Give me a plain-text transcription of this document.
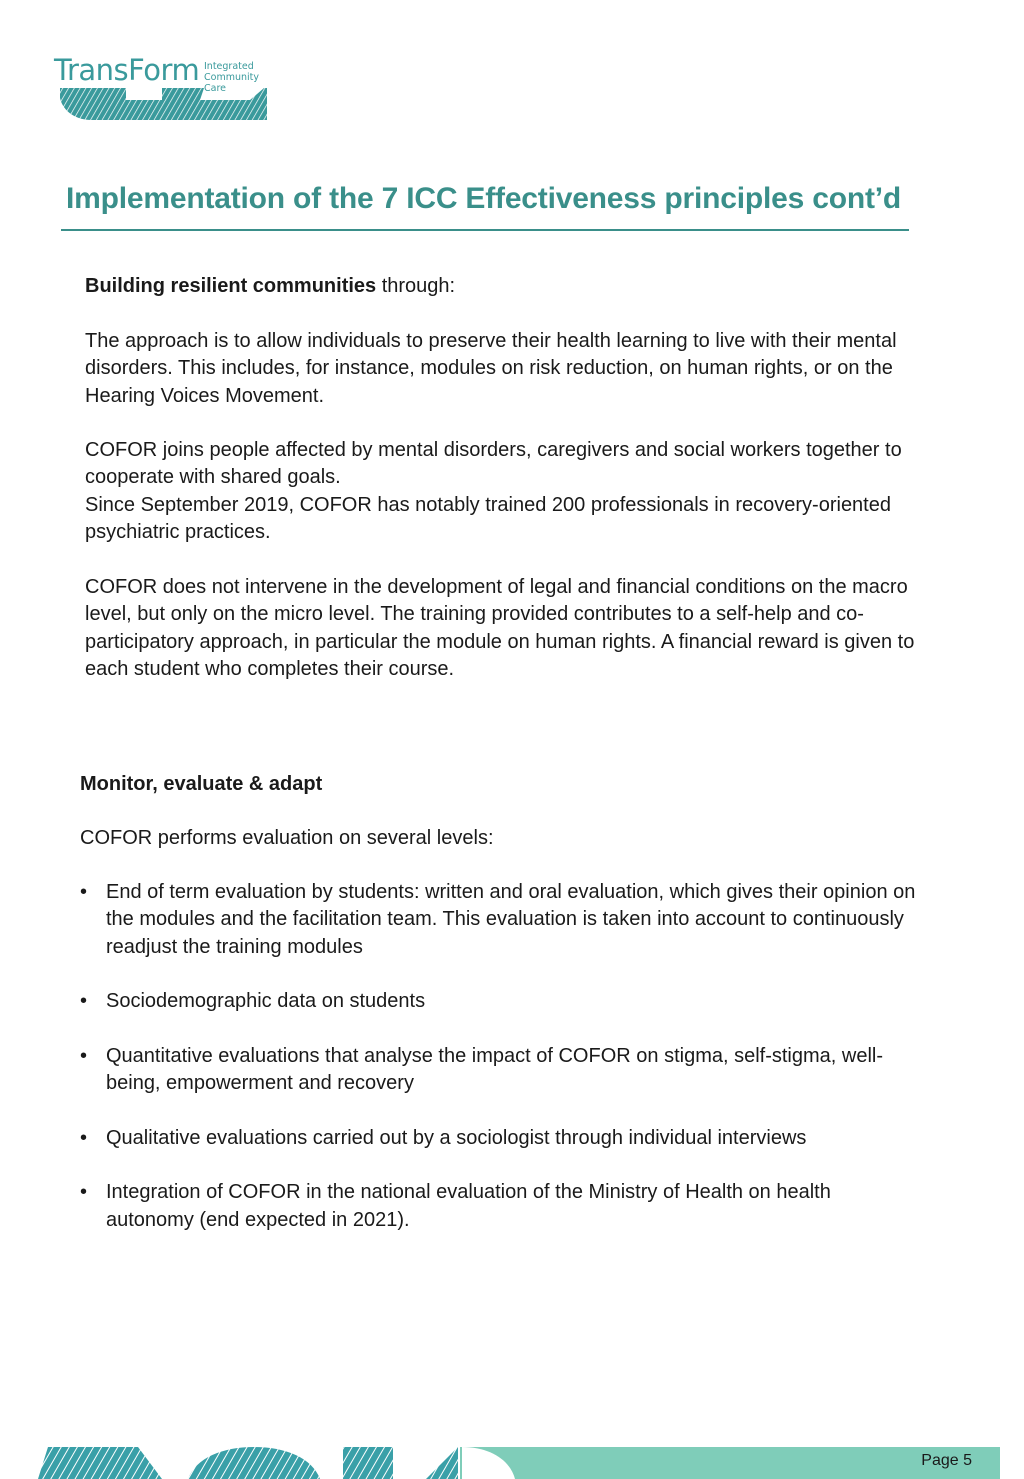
TransForm Integrated
Community
Care
Implementation of the 7 ICC Effectiveness principles cont’d
Building resilient communities through:
The approach is to allow individuals to preserve their health learning to live with their mental disorders. This includes, for instance, modules on risk reduction, on human rights, or on the Hearing Voices Movement.
COFOR joins people affected by mental disorders, caregivers and social workers together to cooperate with shared goals.
Since September 2019, COFOR has notably trained 200 professionals in recovery-oriented psychiatric practices.
COFOR does not intervene in the development of legal and financial conditions on the macro level, but only on the micro level. The training provided contributes to a self-help and co-participatory approach, in particular the module on human rights. A financial reward is given to each student who completes their course.
Monitor, evaluate & adapt
COFOR performs evaluation on several levels:
• End of term evaluation by students: written and oral evaluation, which gives their opinion on the modules and the facilitation team. This evaluation is taken into account to continuously readjust the training modules
• Sociodemographic data on students
• Quantitative evaluations that analyse the impact of COFOR on stigma, self-stigma, well-being, empowerment and recovery
• Qualitative evaluations carried out by a sociologist through individual interviews
• Integration of COFOR in the national evaluation of the Ministry of Health on health autonomy (end expected in 2021).
Page 5
